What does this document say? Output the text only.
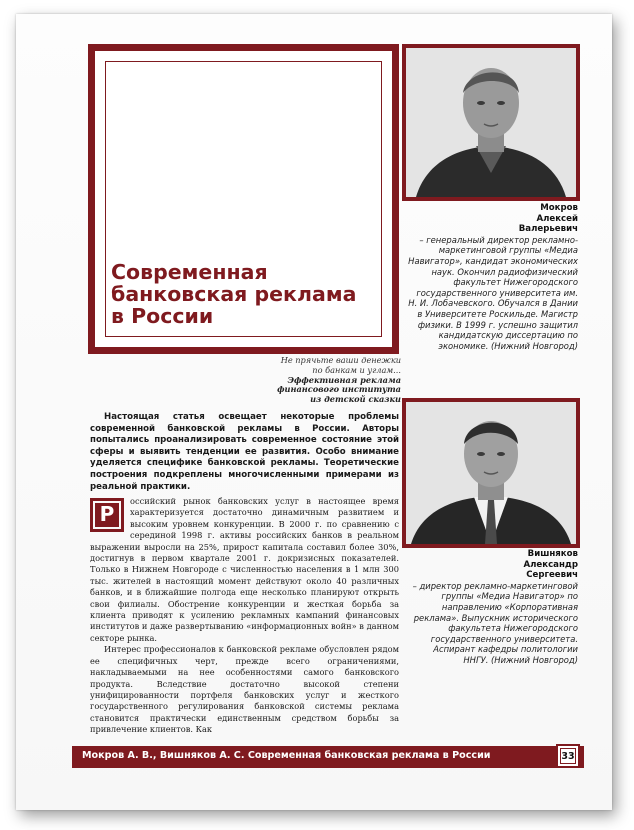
Современная банковская реклама в России
Мокров
Алексей
Валерьевич
– генеральный директор рекламно-маркетинговой группы «Медиа Навигатор», кандидат экономических наук. Окончил радиофизический факультет Нижегородского государственного университета им. Н. И. Лобачевского. Обучался в Дании в Университете Роскильде. Магистр физики. В 1999 г. успешно защитил кандидатскую диссертацию по экономике. (Нижний Новгород)
Вишняков
Александр
Сергеевич
– директор рекламно-маркетинговой группы «Медиа Навигатор» по направлению «Корпоративная реклама». Выпускник исторического факультета Нижегородского государственного университета. Аспирант кафедры политологии ННГУ. (Нижний Новгород)
Не прячьте ваши денежки
по банкам и углам...
Эффективная реклама
финансового института
из детской сказки

Настоящая статья освещает некоторые проблемы современной банковской рекламы в России. Авторы попытались проанализировать современное состояние этой сферы и выявить тенденции ее развития. Особо внимание уделяется специфике банковской рекламы. Теоретические построения подкреплены многочисленными примерами из реальной практики.

Р

оссийский рынок банковских услуг в настоящее время характеризуется достаточно динамичным развитием и высоким уровнем конкуренции. В 2000 г. по сравнению с серединой 1998 г. активы российских банков в реальном выражении выросли на 25%, прирост капитала составил более 30%, достигнув в первом квартале 2001 г. докризисных показателей. Только в Нижнем Новгороде с численностью населения в 1 млн 300 тыс. жителей в настоящий момент действуют около 40 различных банков, и в ближайшие полгода еще несколько планируют открыть свои филиалы. Обострение конкуренции и жесткая борьба за клиента приводят к усилению рекламных кампаний финансовых институтов и даже развертыванию «информационных войн» в данном секторе рынка.

Интерес профессионалов к банковской рекламе обусловлен рядом ее специфичных черт, прежде всего ограничениями, накладываемыми на нее особенностями самого банковского продукта. Вследствие достаточно высокой степени унифицированности портфеля банковских услуг и жесткого государственного регулирования банковской системы реклама становится практически единственным средством борьбы за привлечение клиентов. Как

Мокров А. В., Вишняков А. С. Современная банковская реклама в России	33
